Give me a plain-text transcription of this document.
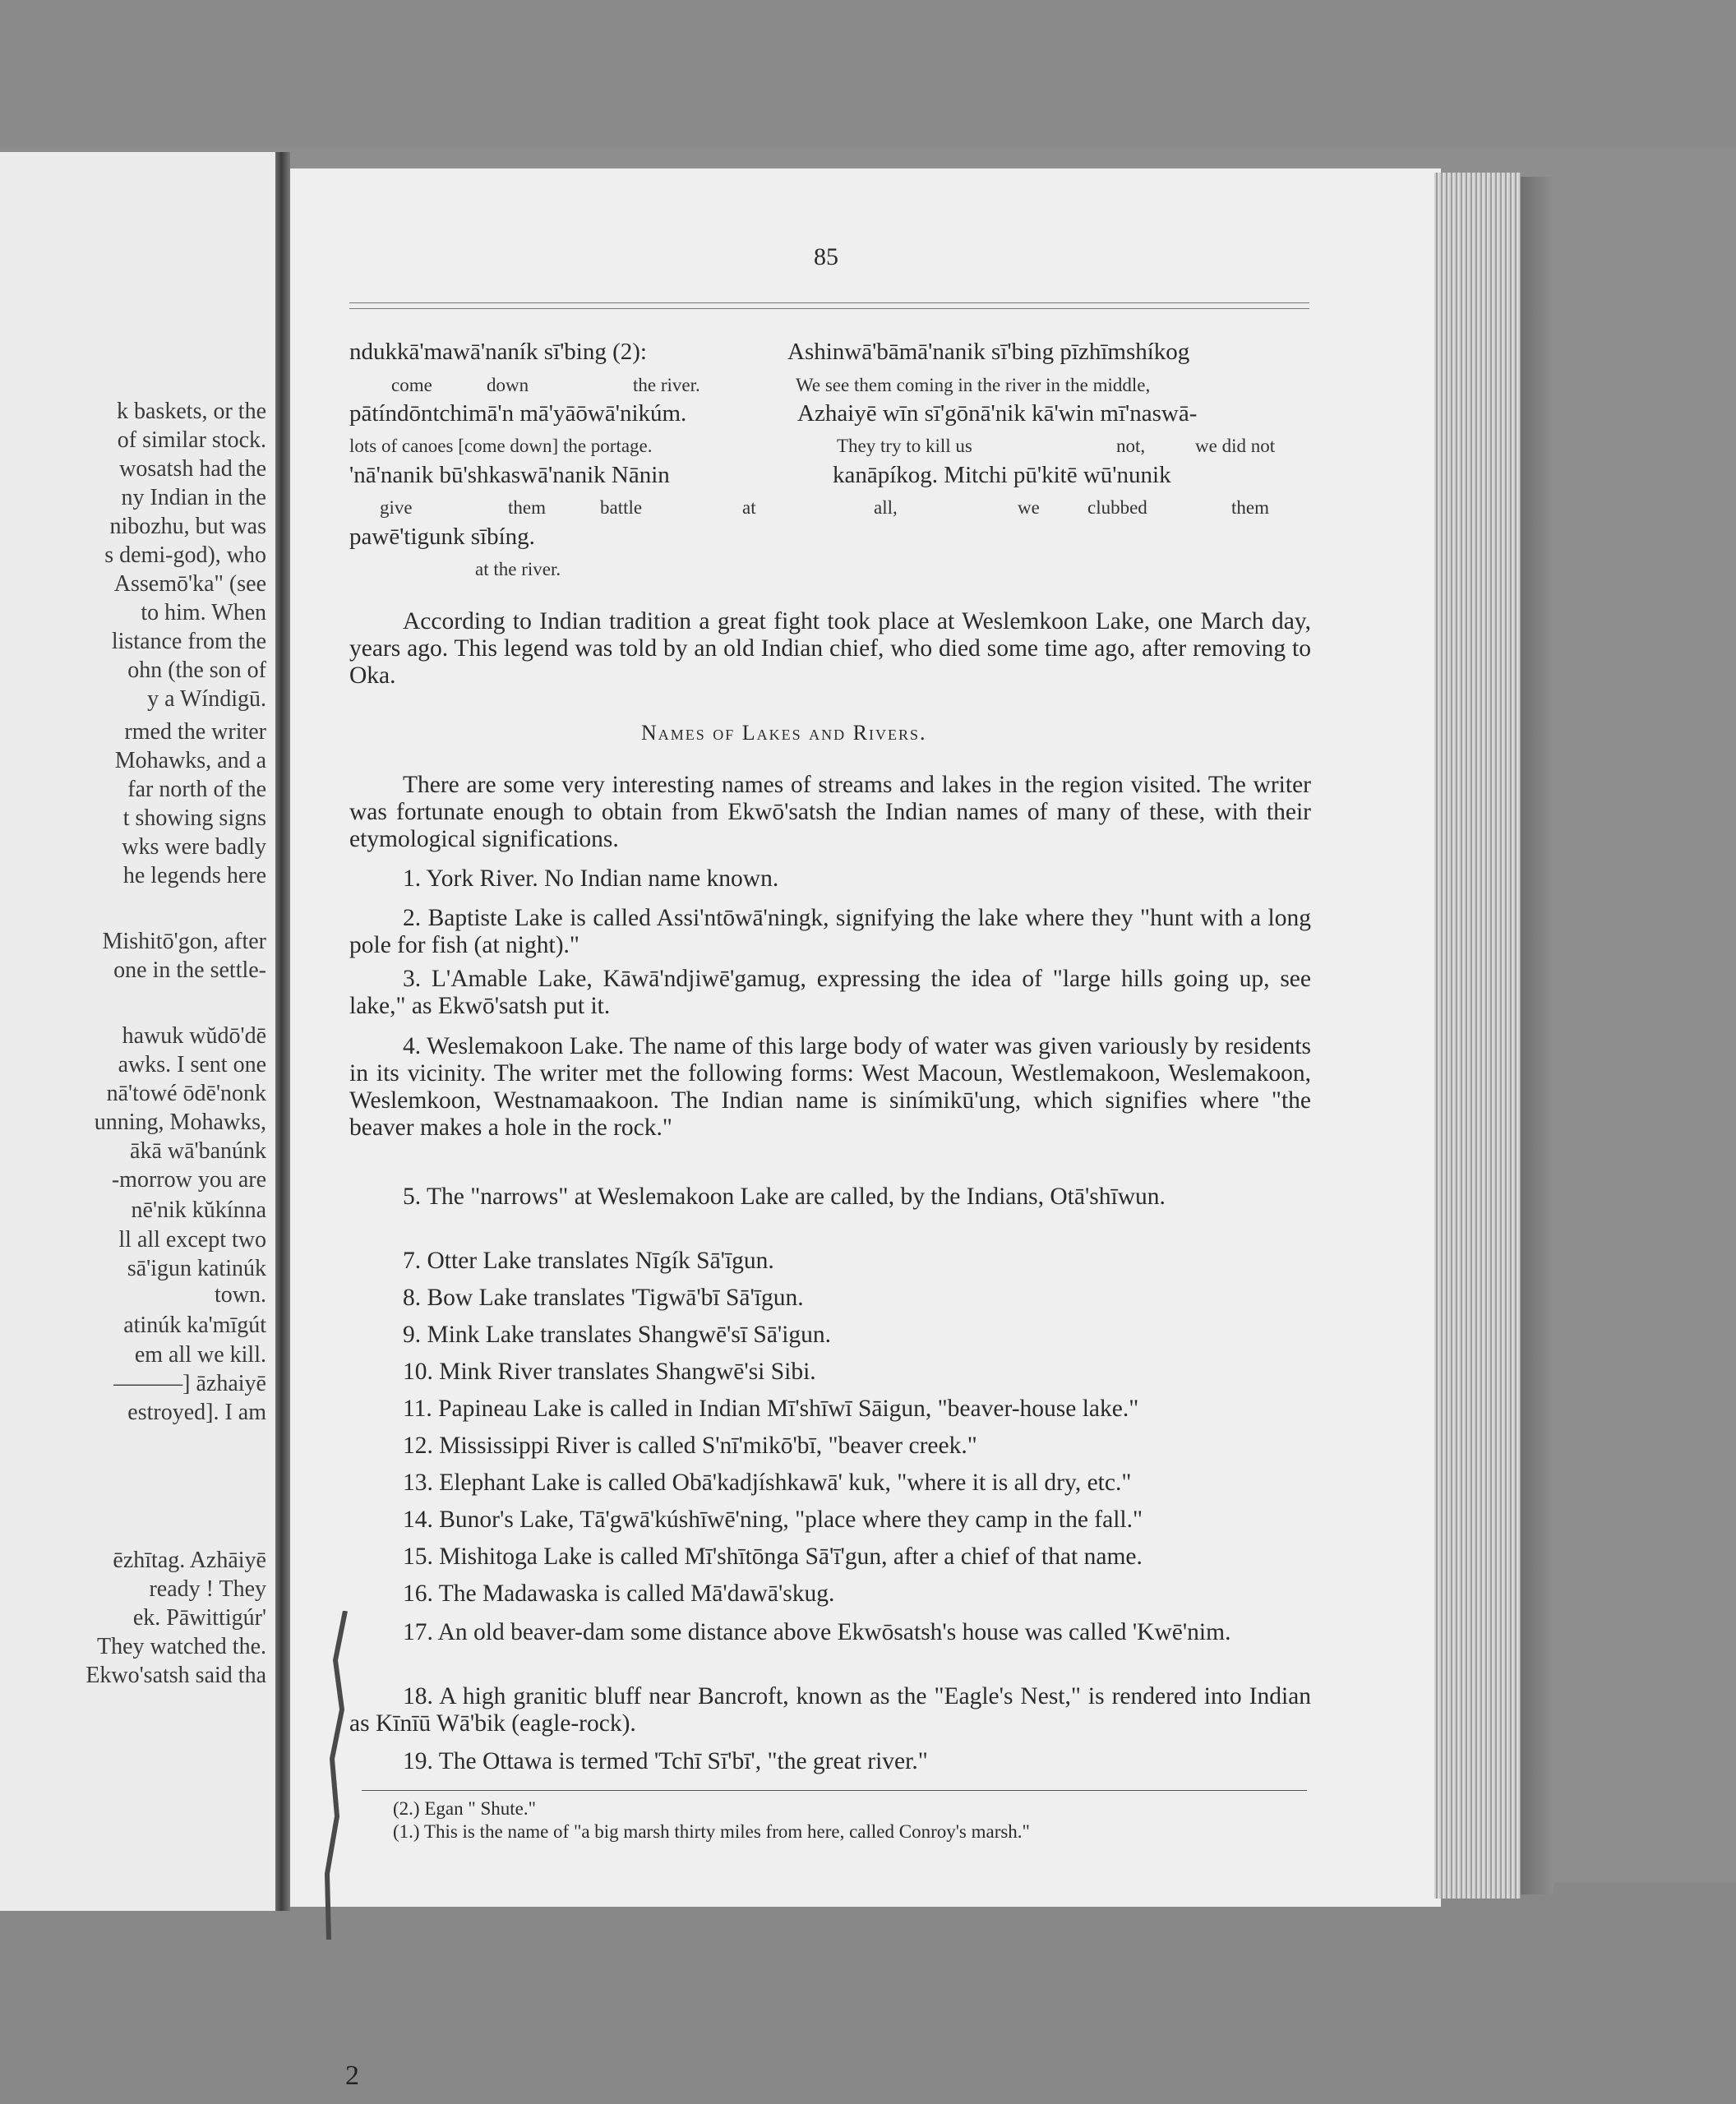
k baskets, or the
of similar stock.
wosatsh had the
ny Indian in the
nibozhu, but was
s demi-god), who
Assemō'ka" (see
to him. When
listance from the
ohn (the son of
y a Wíndigū.
rmed the writer
Mohawks, and a
far north of the
t showing signs
wks were badly
he legends here
Mishitō'gon, after
one in the settle-
hawuk wŭdō'dē
awks. I sent one
nā'towé ōdē'nonk
unning, Mohawks,
ākā wā'banúnk
-morrow you are
nē'nik kŭkínna
ll all except two
sā'igun katinúk
town.
atinúk ka'mīgút
em all we kill.
———] āzhaiyē
estroyed]. I am
ēzhītag. Azhāiyē
ready ! They
ek. Pāwittigúr'
They watched the.
Ekwo'satsh said tha
85
ndukkā'mawā'naník sī'bing (2):	Ashinwā'bāmā'nanik sī'bing pīzhīmshíkog
come	down	the river.	We see them coming in the river in the middle,
pātíndōntchimā'n mā'yāōwā'nikúm.	Azhaiyē wīn sī'gōnā'nik kā'win mī'naswā-
lots of canoes [come down] the portage.	They try to kill us	not,	we did not
'nā'nanik bū'shkaswā'nanik Nānin	kanāpíkog. Mitchi pū'kitē wū'nunik
give	them	battle	at	all,	we	clubbed	them
pawē'tigunk sībíng.
at the river.
According to Indian tradition a great fight took place at Weslemkoon Lake, one March day, years ago. This legend was told by an old Indian chief, who died some time ago, after removing to Oka.
Names of Lakes and Rivers.
There are some very interesting names of streams and lakes in the region visited. The writer was fortunate enough to obtain from Ekwō'satsh the Indian names of many of these, with their etymological significations.
1. York River. No Indian name known.
2. Baptiste Lake is called Assi'ntōwā'ningk, signifying the lake where they "hunt with a long pole for fish (at night)."
3. L'Amable Lake, Kāwā'ndjiwē'gamug, expressing the idea of "large hills going up, see lake," as Ekwō'satsh put it.
4. Weslemakoon Lake. The name of this large body of water was given variously by residents in its vicinity. The writer met the following forms: West Macoun, Westlemakoon, Weslemakoon, Weslemkoon, Westnamaakoon. The Indian name is sinímikū'ung, which signifies where "the beaver makes a hole in the rock."
5. The "narrows" at Weslemakoon Lake are called, by the Indians, Otā'shīwun.
7. Otter Lake translates Nīgík Sā'īgun.
8. Bow Lake translates 'Tigwā'bī Sā'īgun.
9. Mink Lake translates Shangwē'sī Sā'igun.
10. Mink River translates Shangwē'si Sibi.
11. Papineau Lake is called in Indian Mī'shīwī Sāigun, "beaver-house lake."
12. Mississippi River is called S'nī'mikō'bī, "beaver creek."
13. Elephant Lake is called Obā'kadjíshkawā' kuk, "where it is all dry, etc."
14. Bunor's Lake, Tā'gwā'kúshīwē'ning, "place where they camp in the fall."
15. Mishitoga Lake is called Mī'shītōnga Sā'ī'gun, after a chief of that name.
16. The Madawaska is called Mā'dawā'skug.
17. An old beaver-dam some distance above Ekwōsatsh's house was called 'Kwē'nim.
18. A high granitic bluff near Bancroft, known as the "Eagle's Nest," is rendered into Indian as Kīnīū Wā'bik (eagle-rock).
19. The Ottawa is termed 'Tchī Sī'bī', "the great river."
(2.) Egan " Shute."
(1.) This is the name of "a big marsh thirty miles from here, called Conroy's marsh."
2
